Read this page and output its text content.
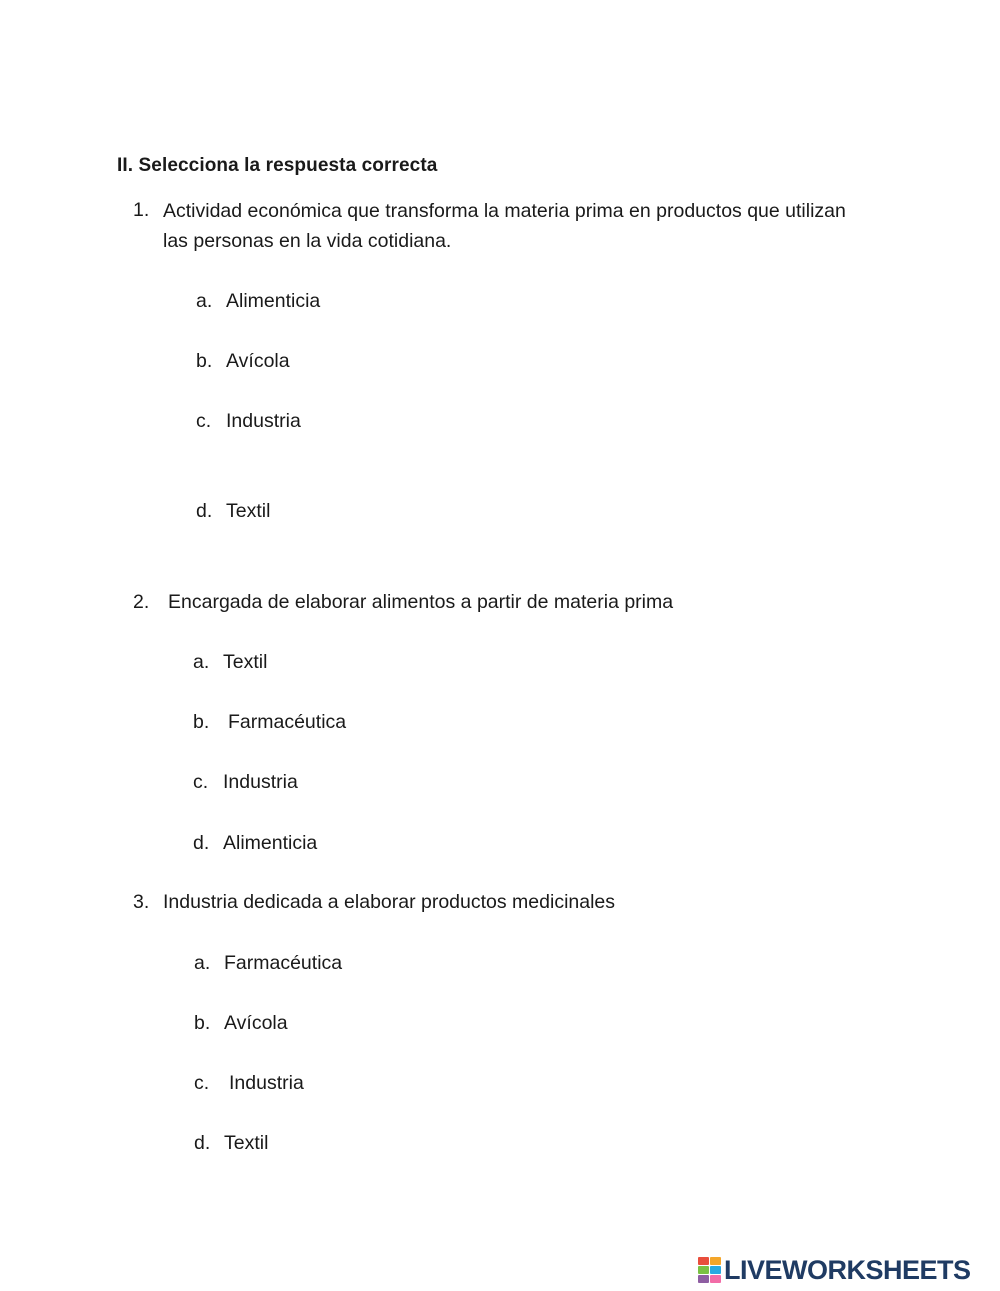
II. Selecciona la respuesta correcta
1. Actividad económica que transforma la materia prima en productos que utilizan las personas en la vida cotidiana.
a. Alimenticia
b. Avícola
c. Industria
d. Textil
2. Encargada de elaborar alimentos a partir de materia prima
a. Textil
b. Farmacéutica
c. Industria
d. Alimenticia
3. Industria dedicada a elaborar productos medicinales
a. Farmacéutica
b. Avícola
c. Industria
d. Textil
LIVEWORKSHEETS
